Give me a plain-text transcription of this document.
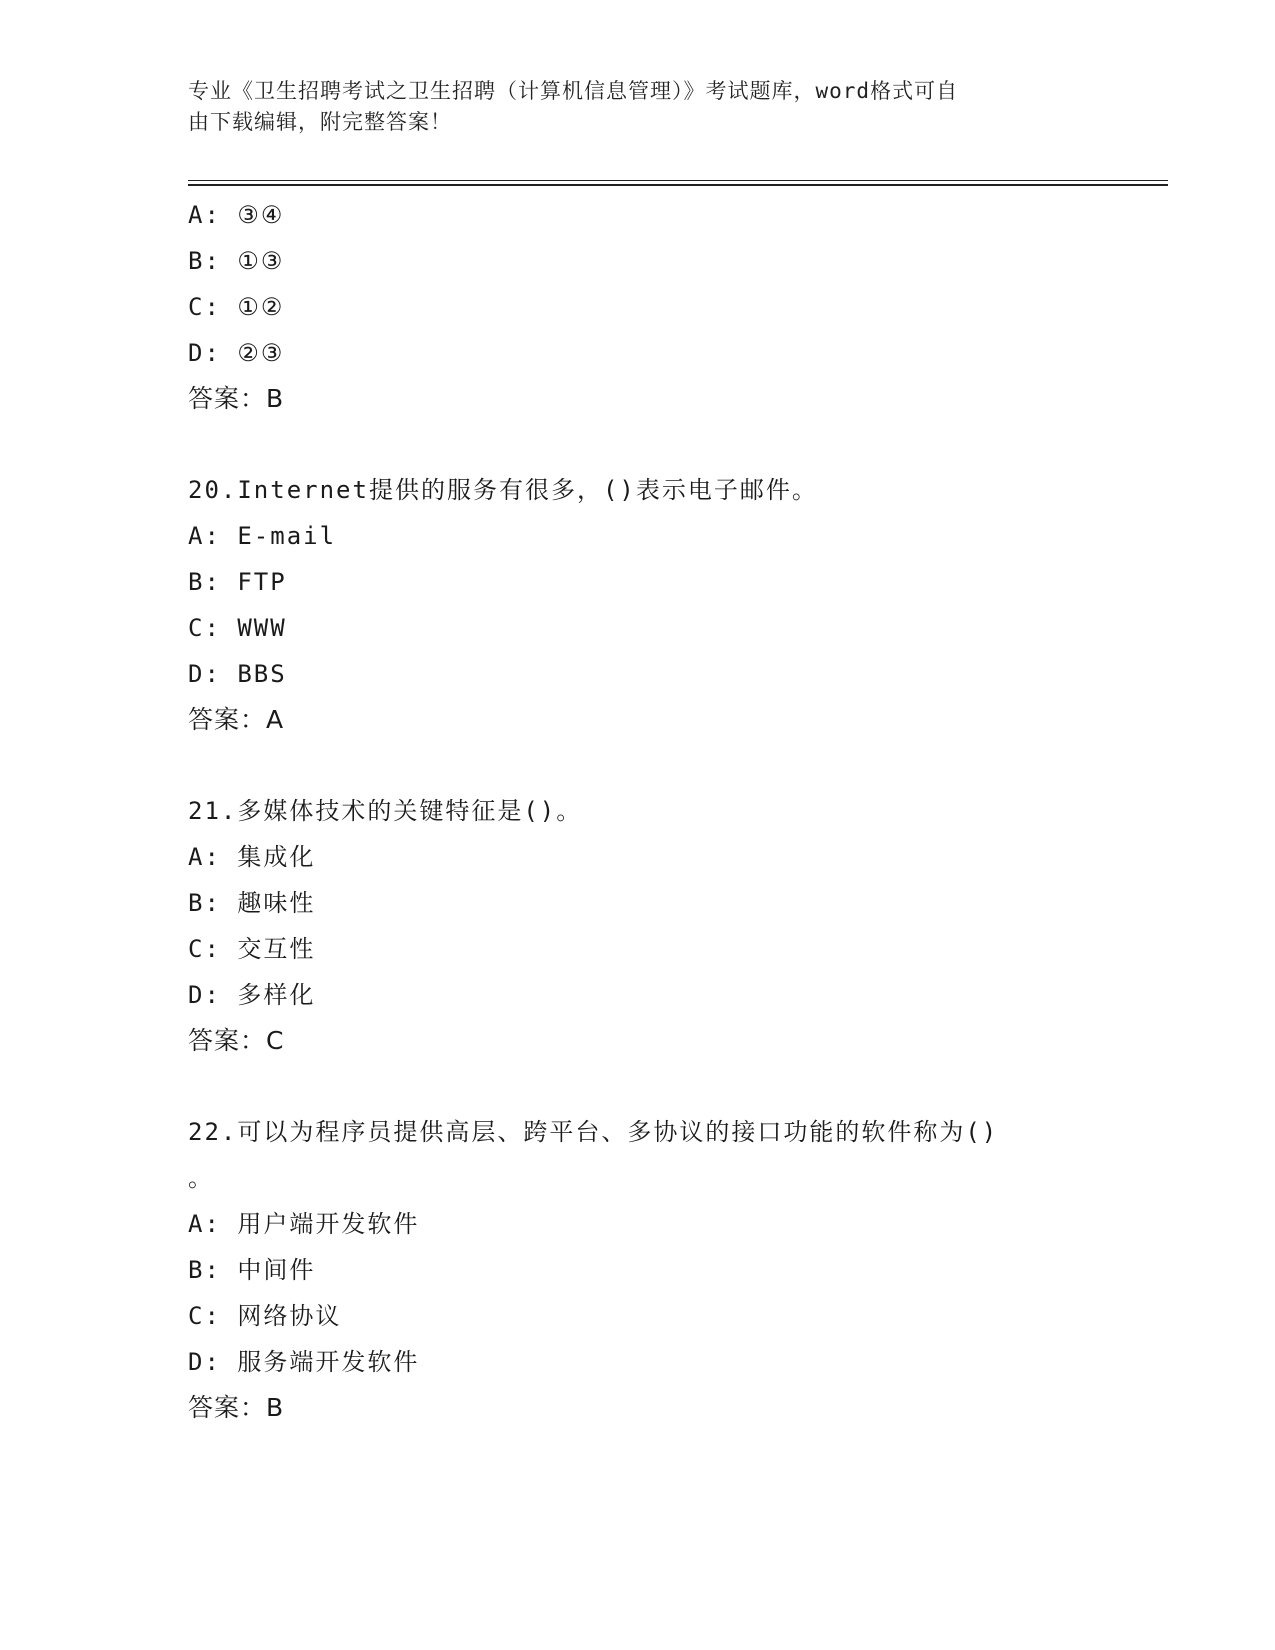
专业《卫生招聘考试之卫生招聘（计算机信息管理）》考试题库，word格式可自
由下载编辑，附完整答案！
A: ③④
B: ①③
C: ①②
D: ②③
答案：B
20.Internet提供的服务有很多，()表示电子邮件。
A: E-mail
B: FTP
C: WWW
D: BBS
答案：A
21.多媒体技术的关键特征是()。
A: 集成化
B: 趣味性
C: 交互性
D: 多样化
答案：C
22.可以为程序员提供高层、跨平台、多协议的接口功能的软件称为()
。
A: 用户端开发软件
B: 中间件
C: 网络协议
D: 服务端开发软件
答案：B
